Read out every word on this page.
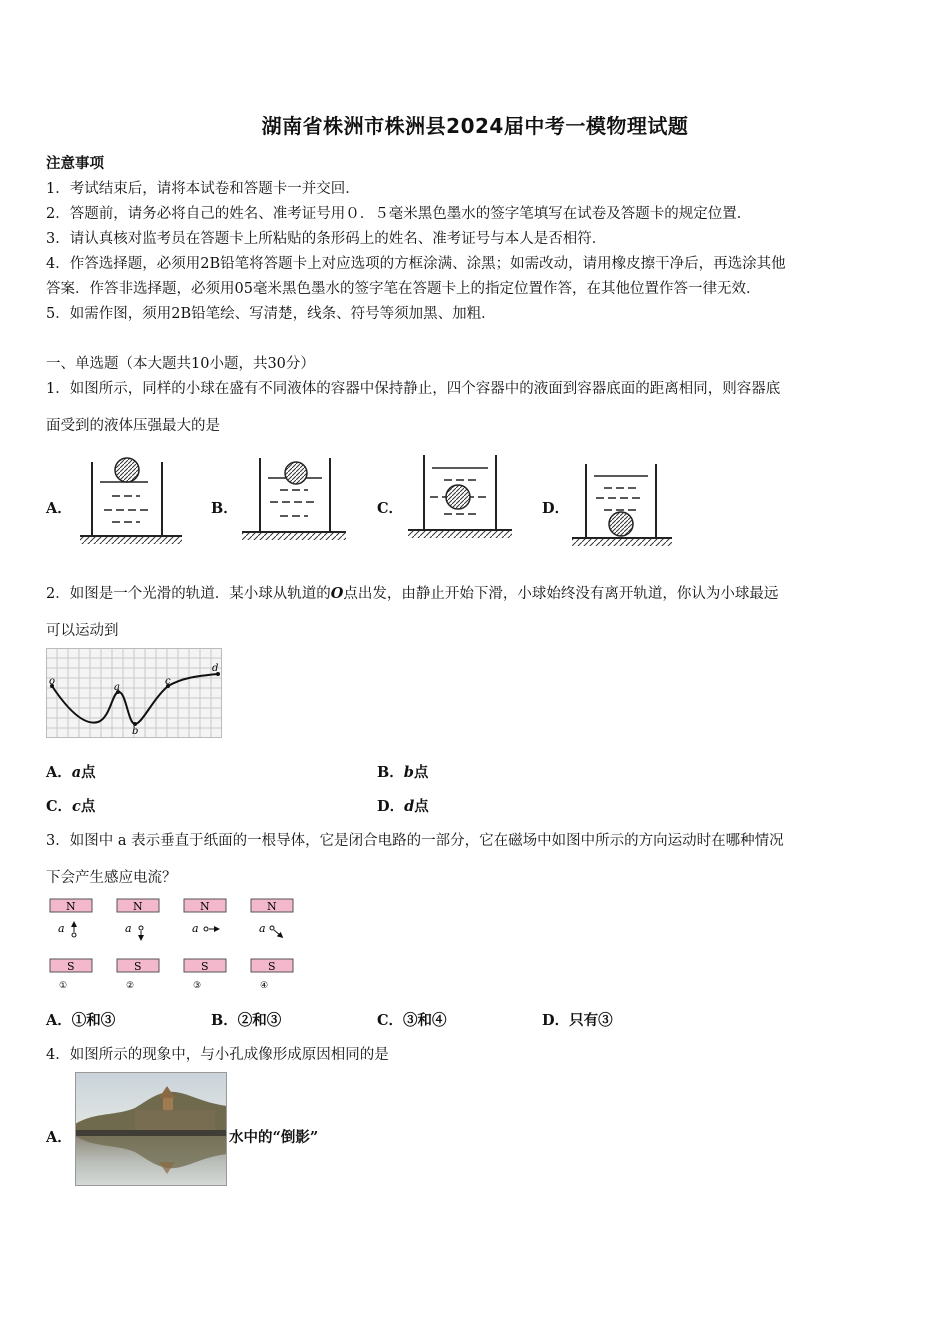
湖南省株洲市株洲县2024届中考一模物理试题
注意事项
1．考试结束后，请将本试卷和答题卡一并交回．
2．答题前，请务必将自己的姓名、准考证号用０．５毫米黑色墨水的签字笔填写在试卷及答题卡的规定位置．
3．请认真核对监考员在答题卡上所粘贴的条形码上的姓名、准考证号与本人是否相符．
4．作答选择题，必须用2B铅笔将答题卡上对应选项的方框涂满、涂黑；如需改动，请用橡皮擦干净后，再选涂其他
答案．作答非选择题，必须用05毫米黑色墨水的签字笔在答题卡上的指定位置作答，在其他位置作答一律无效．
5．如需作图，须用2B铅笔绘、写清楚，线条、符号等须加黑、加粗．
一、单选题（本大题共10小题，共30分）
1．如图所示，同样的小球在盛有不同液体的容器中保持静止，四个容器中的液面到容器底面的距离相同，则容器底
面受到的液体压强最大的是
A．	B．	C．	D．
2．如图是一个光滑的轨道．某小球从轨道的O点出发，由静止开始下滑，小球始终没有离开轨道，你认为小球最远
可以运动到
o
a
b
c
d
A．a点	B．b点
C．c点	D．d点
3．如图中 a 表示垂直于纸面的一根导体，它是闭合电路的一部分，它在磁场中如图中所示的方向运动时在哪种情况
下会产生感应电流？
N
a
S
①
N
a
S
②
N
a
S
③
N
a
S
④
A．①和③	B．②和③	C．③和④	D．只有③
4．如图所示的现象中，与小孔成像形成原因相同的是
A．	水中的“倒影”
